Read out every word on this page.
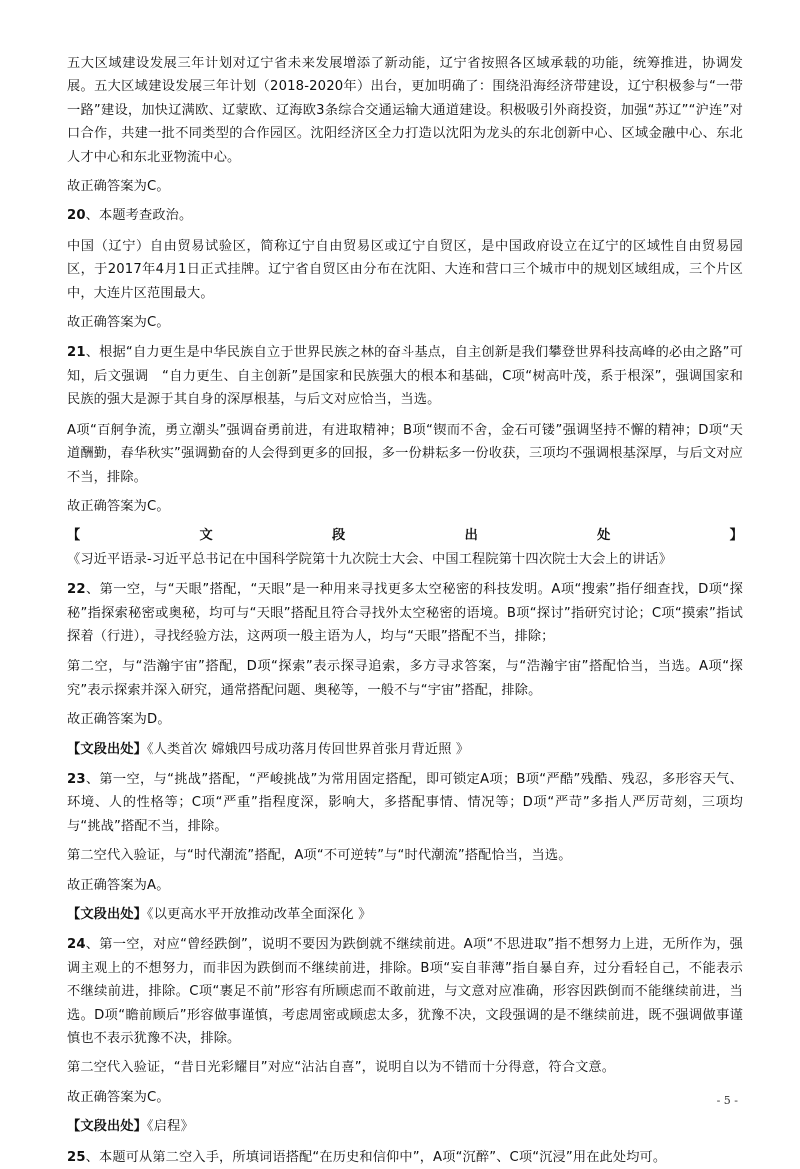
五大区域建设发展三年计划对辽宁省未来发展增添了新动能，辽宁省按照各区域承载的功能，统筹推进，协调发展。五大区域建设发展三年计划（2018-2020年）出台，更加明确了：围绕沿海经济带建设，辽宁积极参与“一带一路”建设，加快辽满欧、辽蒙欧、辽海欧3条综合交通运输大通道建设。积极吸引外商投资，加强“苏辽”“沪连”对口合作，共建一批不同类型的合作园区。沈阳经济区全力打造以沈阳为龙头的东北创新中心、区域金融中心、东北人才中心和东北亚物流中心。

故正确答案为C。

20、本题考查政治。

中国（辽宁）自由贸易试验区，简称辽宁自由贸易区或辽宁自贸区，是中国政府设立在辽宁的区域性自由贸易园区，于2017年4月1日正式挂牌。辽宁省自贸区由分布在沈阳、大连和营口三个城市中的规划区域组成，三个片区中，大连片区范围最大。

故正确答案为C。

21、根据“自力更生是中华民族自立于世界民族之林的奋斗基点，自主创新是我们攀登世界科技高峰的必由之路”可知，后文强调　“自力更生、自主创新”是国家和民族强大的根本和基础，C项“树高叶茂，系于根深”，强调国家和民族的强大是源于其自身的深厚根基，与后文对应恰当，当选。

A项“百舸争流，勇立潮头”强调奋勇前进，有进取精神；B项“锲而不舍，金石可镂”强调坚持不懈的精神；D项“天道酬勤，春华秋实”强调勤奋的人会得到更多的回报，多一份耕耘多一份收获，三项均不强调根基深厚，与后文对应不当，排除。

故正确答案为C。

【文段出处】《习近平语录-习近平总书记在中国科学院第十九次院士大会、中国工程院第十四次院士大会上的讲话》

22、第一空，与“天眼”搭配，“天眼”是一种用来寻找更多太空秘密的科技发明。A项“搜索”指仔细查找，D项“探秘”指探索秘密或奥秘，均可与“天眼”搭配且符合寻找外太空秘密的语境。B项“探讨”指研究讨论；C项“摸索”指试探着（行进），寻找经验方法，这两项一般主语为人，均与“天眼”搭配不当，排除；

第二空，与“浩瀚宇宙”搭配，D项“探索”表示探寻追索，多方寻求答案，与“浩瀚宇宙”搭配恰当，当选。A项“探究”表示探索并深入研究，通常搭配问题、奥秘等，一般不与“宇宙”搭配，排除。

故正确答案为D。

【文段出处】《人类首次 嫦娥四号成功落月传回世界首张月背近照 》

23、第一空，与“挑战”搭配，“严峻挑战”为常用固定搭配，即可锁定A项；B项“严酷”残酷、残忍，多形容天气、环境、人的性格等；C项“严重”指程度深，影响大，多搭配事情、情况等；D项“严苛”多指人严厉苛刻，三项均与“挑战”搭配不当，排除。

第二空代入验证，与“时代潮流”搭配，A项“不可逆转”与“时代潮流”搭配恰当，当选。

故正确答案为A。

【文段出处】《以更高水平开放推动改革全面深化 》

24、第一空，对应“曾经跌倒”，说明不要因为跌倒就不继续前进。A项“不思进取”指不想努力上进，无所作为，强调主观上的不想努力，而非因为跌倒而不继续前进，排除。B项“妄自菲薄”指自暴自弃，过分看轻自己，不能表示不继续前进，排除。C项“裹足不前”形容有所顾虑而不敢前进，与文意对应准确，形容因跌倒而不能继续前进，当选。D项“瞻前顾后”形容做事谨慎，考虑周密或顾虑太多，犹豫不决，文段强调的是不继续前进，既不强调做事谨慎也不表示犹豫不决，排除。

第二空代入验证，“昔日光彩耀目”对应“沾沾自喜”，说明自以为不错而十分得意，符合文意。

故正确答案为C。

【文段出处】《启程》

25、本题可从第二空入手，所填词语搭配“在历史和信仰中”，A项“沉醉”、C项“沉浸”用在此处均可。

- 5 -
